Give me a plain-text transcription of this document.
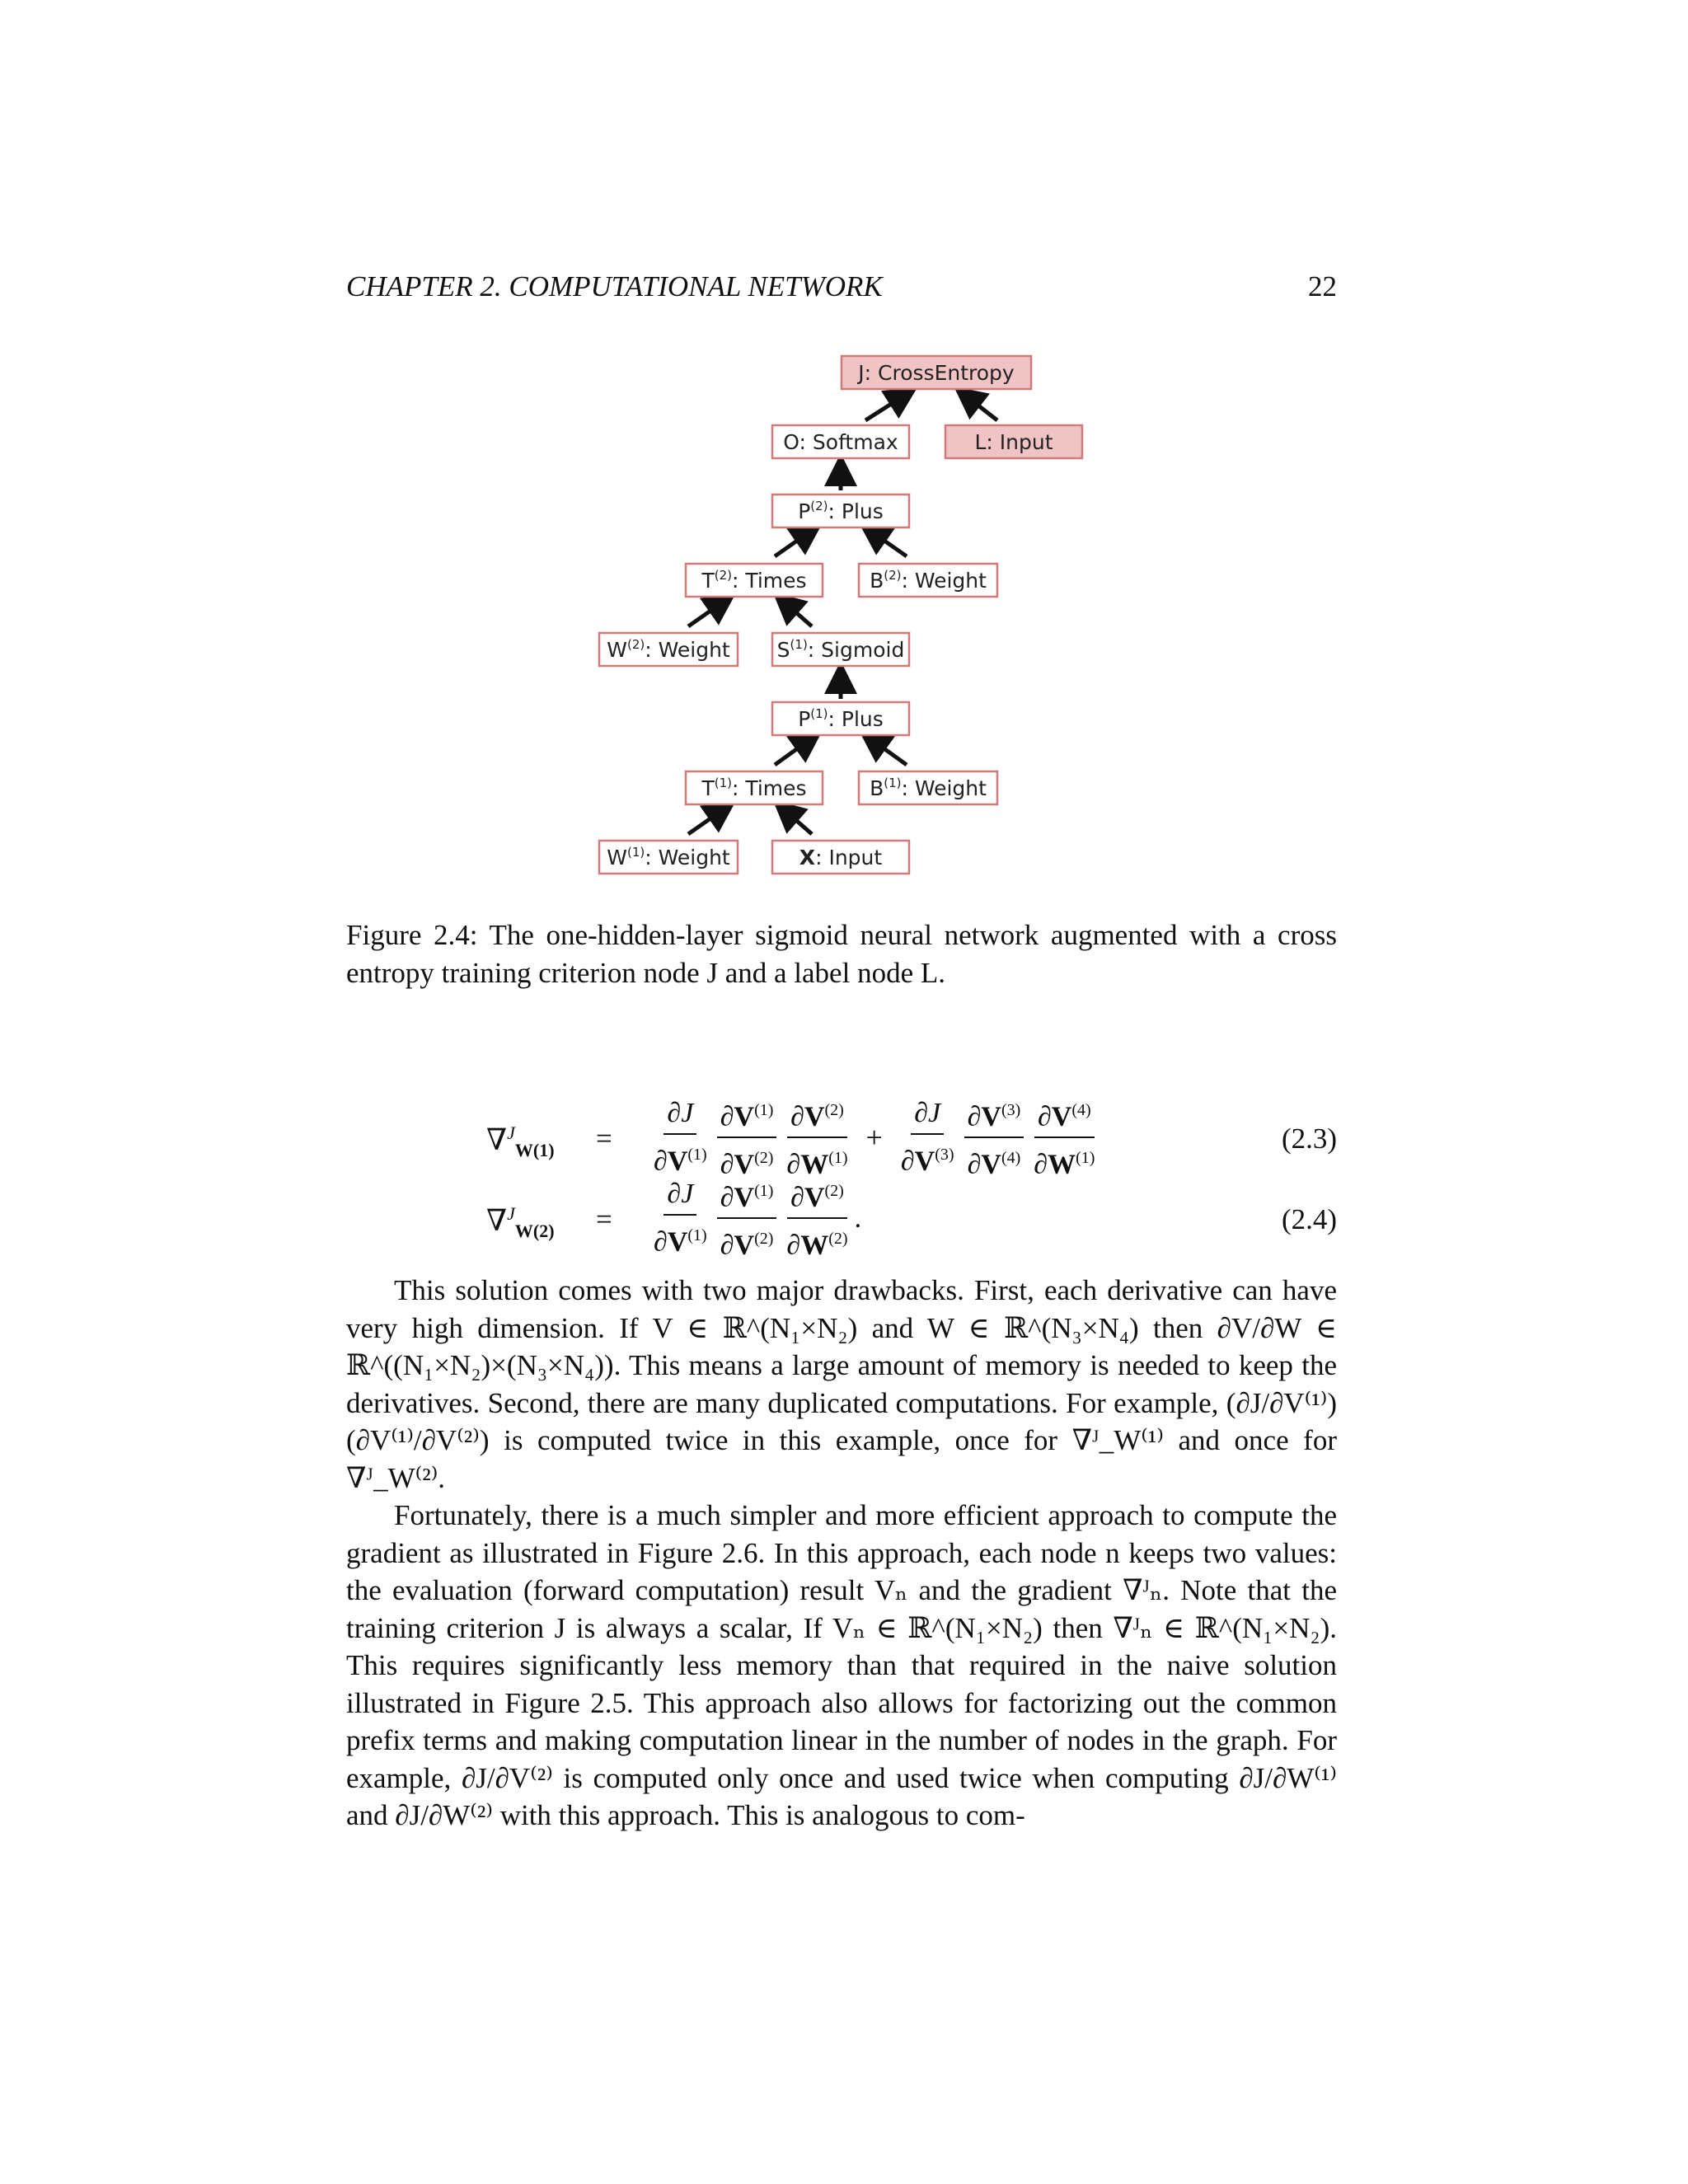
CHAPTER 2. COMPUTATIONAL NETWORK	22
J: CrossEntropy
O: Softmax	L: Input
$P^{(2)}$: Plus
$T^{(2)}$: Times	$B^{(2)}$: Weight
$W^{(2)}$: Weight $S^{(1)}$: Sigmoid
$P^{(1)}$: Plus
$T^{(1)}$: Times	$B^{(1)}$: Weight
$W^{(1)}$: Weight	X: Input
Figure 2.4: The one-hidden-layer sigmoid neural network augmented with a cross entropy training criterion node J and a label node L.
$\nabla^J_{W(1)} = \frac{\partial J}{\partial V^{(1)}} \frac{\partial V^{(1)}}{\partial V^{(2)}} \frac{\partial V^{(2)}}{\partial W^{(1)}} + \frac{\partial J}{\partial V^{(3)}} \frac{\partial V^{(3)}}{\partial V^{(4)}} \frac{\partial V^{(4)}}{\partial W^{(1)}}$	(2.3)
$\nabla^J_{W(2)} = \frac{\partial J}{\partial V^{(1)}} \frac{\partial V^{(1)}}{\partial V^{(2)}} \frac{\partial V^{(2)}}{\partial W^{(2)}}$ .	(2.4)

This solution comes with two major drawbacks. First, each derivative can have very high dimension. If V ∈ ℝ^(N₁×N₂) and W ∈ ℝ^(N₃×N₄) then ∂V/∂W ∈ ℝ^((N₁×N₂)×(N₃×N₄)). This means a large amount of memory is needed to keep the derivatives. Second, there are many duplicated computations. For example, (∂J/∂V⁽¹⁾)(∂V⁽¹⁾/∂V⁽²⁾) is computed twice in this example, once for ∇ᴶ_W⁽¹⁾ and once for ∇ᴶ_W⁽²⁾.

Fortunately, there is a much simpler and more efficient approach to compute the gradient as illustrated in Figure 2.6. In this approach, each node n keeps two values: the evaluation (forward computation) result Vₙ and the gradient ∇ᴶₙ. Note that the training criterion J is always a scalar, If Vₙ ∈ ℝ^(N₁×N₂) then ∇ᴶₙ ∈ ℝ^(N₁×N₂). This requires significantly less memory than that required in the naive solution illustrated in Figure 2.5. This approach also allows for factorizing out the common prefix terms and making computation linear in the number of nodes in the graph. For example, ∂J/∂V⁽²⁾ is computed only once and used twice when computing ∂J/∂W⁽¹⁾ and ∂J/∂W⁽²⁾ with this approach. This is analogous to com-
